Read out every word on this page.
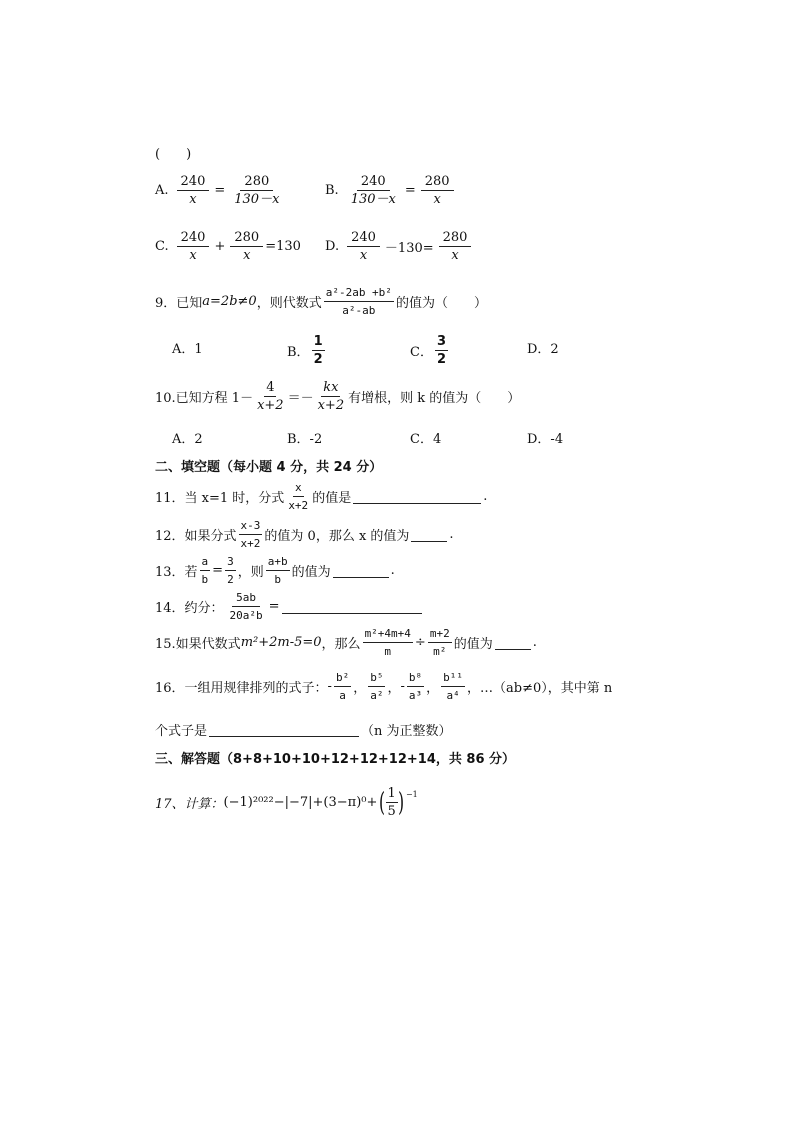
(　　)
A. $\frac{240}{x} = \frac{280}{130-x}$	B. $\frac{240}{130-x} = \frac{280}{x}$
C. $\frac{240}{x} + \frac{280}{x} =130$ D. $\frac{240}{x} -130= \frac{280}{x}$
9．已知 a=2b≠0 ，则代数式 $\frac{\text{a²-2ab +b²}}{\text{a²-ab}}$ 的值为（　　）
A．1	B． $\frac{1}{2}$	C． $\frac{3}{2}$	D．2
10.已知方程 $1- \frac{4}{x+2} =- \frac{kx}{x+2}$ 有增根，则 k 的值为（　　）
A．2	B．-2	C．4	D．-4
二、填空题（每小题 4 分，共 24 分）
11．当 x=1 时，分式 $\frac{x}{x+2}$ 的值是	.
12．如果分式 $\frac{x-3}{x+2}$ 的值为 0，那么 x 的值为	.
13．若 $\frac{a}{b} = \frac{3}{2}$ ，则 $\frac{a+b}{b}$ 的值为	.
14．约分： $\frac{5ab}{\text{20a²b}}$ =
15.如果代数式 m²+2m-5=0 ，那么 $\frac{\text{m²+4m+4}}{m} \div \frac{m+2}{\text{m²}}$ 的值为	.
16．一组用规律排列的式子： - $\frac{\text{b²}}{a}$ ， $\frac{\text{b⁵}}{\text{a²}}$ ， - $\frac{\text{b⁸}}{\text{a³}}$ ， $\frac{\text{b¹¹}}{\text{a⁴}}$ ， …（ab≠0），其中第 n
个式子是	（n 为正整数）
三、解答题（8+8+10+10+12+12+12+14，共 86 分）
17、计算： (−1)²⁰²²−|−7|+(3−π)⁰+ ( $\frac{1}{5}$ ) −1
